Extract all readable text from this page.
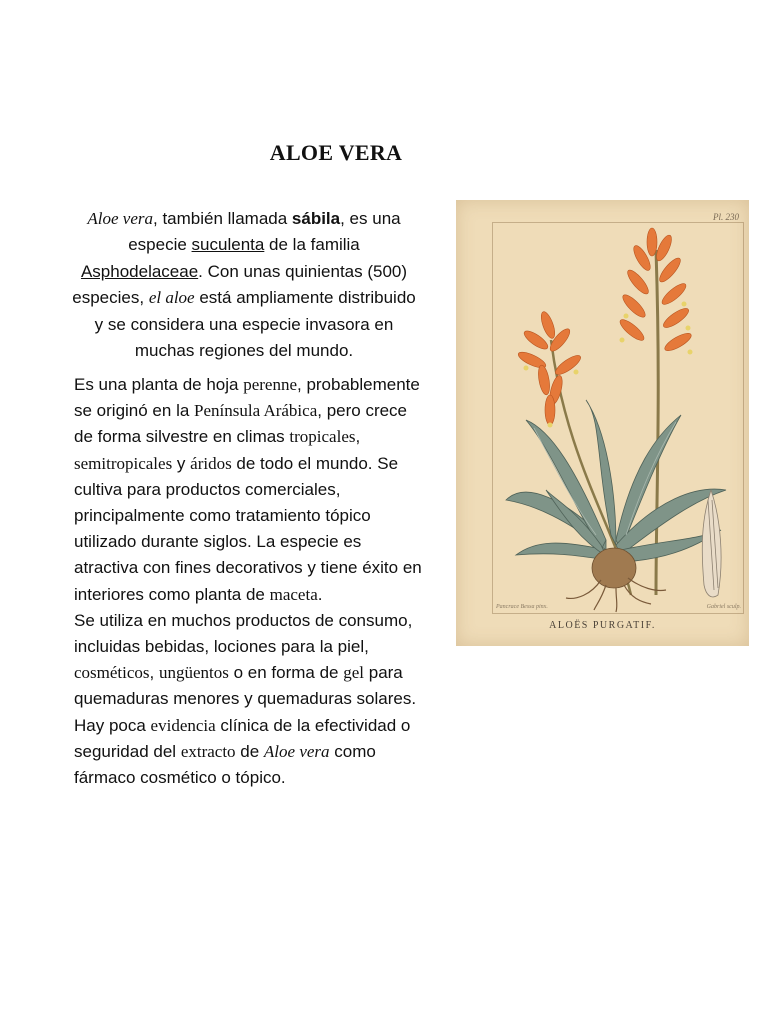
ALOE VERA
Aloe vera, también llamada sábila, es una especie suculenta de la familia Asphodelaceae. Con unas quinientas (500) especies, el aloe está ampliamente distribuido y se considera una especie invasora en muchas regiones del mundo.
Es una planta de hoja perenne, probablemente se originó en la Península Arábica, pero crece de forma silvestre en climas tropicales, semitropicales y áridos de todo el mundo. Se cultiva para productos comerciales, principalmente como tratamiento tópico utilizado durante siglos. La especie es atractiva con fines decorativos y tiene éxito en interiores como planta de maceta.
Se utiliza en muchos productos de consumo, incluidas bebidas, lociones para la piel, cosméticos, ungüentos o en forma de gel para quemaduras menores y quemaduras solares. Hay poca evidencia clínica de la efectividad o seguridad del extracto de Aloe vera como fármaco cosmético o tópico.
Pl. 230
Pancrace Bessa pinx.	Gabriel sculp.
ALOËS PURGATIF.
